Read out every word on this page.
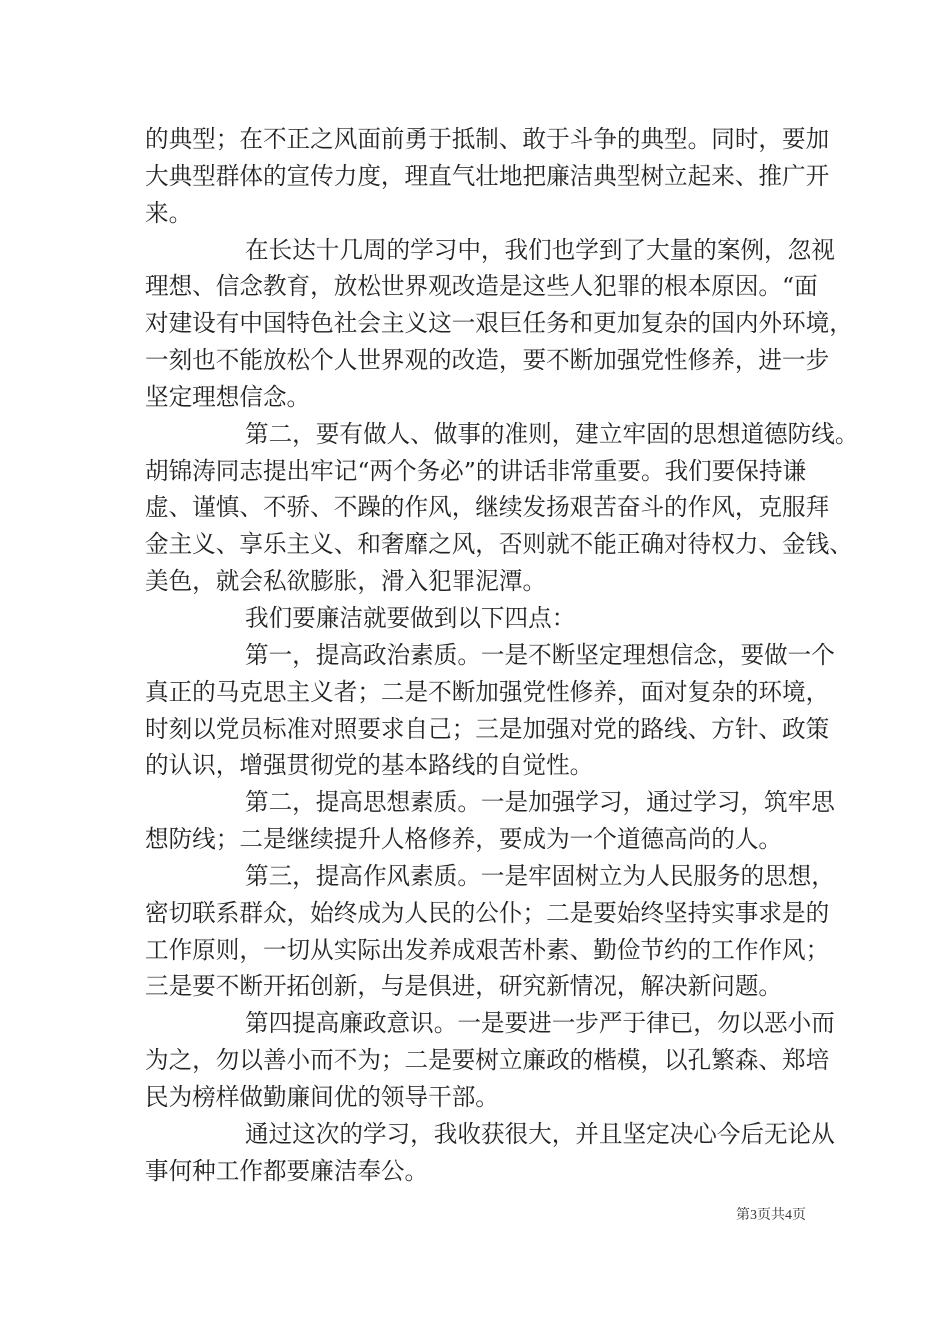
的典型；在不正之风面前勇于抵制、敢于斗争的典型。同时，要加
大典型群体的宣传力度，理直气壮地把廉洁典型树立起来、推广开
来。
在长达十几周的学习中，我们也学到了大量的案例，忽视
理想、信念教育，放松世界观改造是这些人犯罪的根本原因。“面
对建设有中国特色社会主义这一艰巨任务和更加复杂的国内外环境，
一刻也不能放松个人世界观的改造，要不断加强党性修养，进一步
坚定理想信念。
第二，要有做人、做事的准则，建立牢固的思想道德防线。
胡锦涛同志提出牢记“两个务必”的讲话非常重要。我们要保持谦
虚、谨慎、不骄、不躁的作风，继续发扬艰苦奋斗的作风，克服拜
金主义、享乐主义、和奢靡之风，否则就不能正确对待权力、金钱、
美色，就会私欲膨胀，滑入犯罪泥潭。
我们要廉洁就要做到以下四点：
第一，提高政治素质。一是不断坚定理想信念，要做一个
真正的马克思主义者；二是不断加强党性修养，面对复杂的环境，
时刻以党员标准对照要求自己；三是加强对党的路线、方针、政策
的认识，增强贯彻党的基本路线的自觉性。
第二，提高思想素质。一是加强学习，通过学习，筑牢思
想防线；二是继续提升人格修养，要成为一个道德高尚的人。
第三，提高作风素质。一是牢固树立为人民服务的思想，
密切联系群众，始终成为人民的公仆；二是要始终坚持实事求是的
工作原则，一切从实际出发养成艰苦朴素、勤俭节约的工作作风；
三是要不断开拓创新，与是俱进，研究新情况，解决新问题。
第四提高廉政意识。一是要进一步严于律已，勿以恶小而
为之，勿以善小而不为；二是要树立廉政的楷模，以孔繁森、郑培
民为榜样做勤廉间优的领导干部。
通过这次的学习，我收获很大，并且坚定决心今后无论从
事何种工作都要廉洁奉公。
第3页共4页
